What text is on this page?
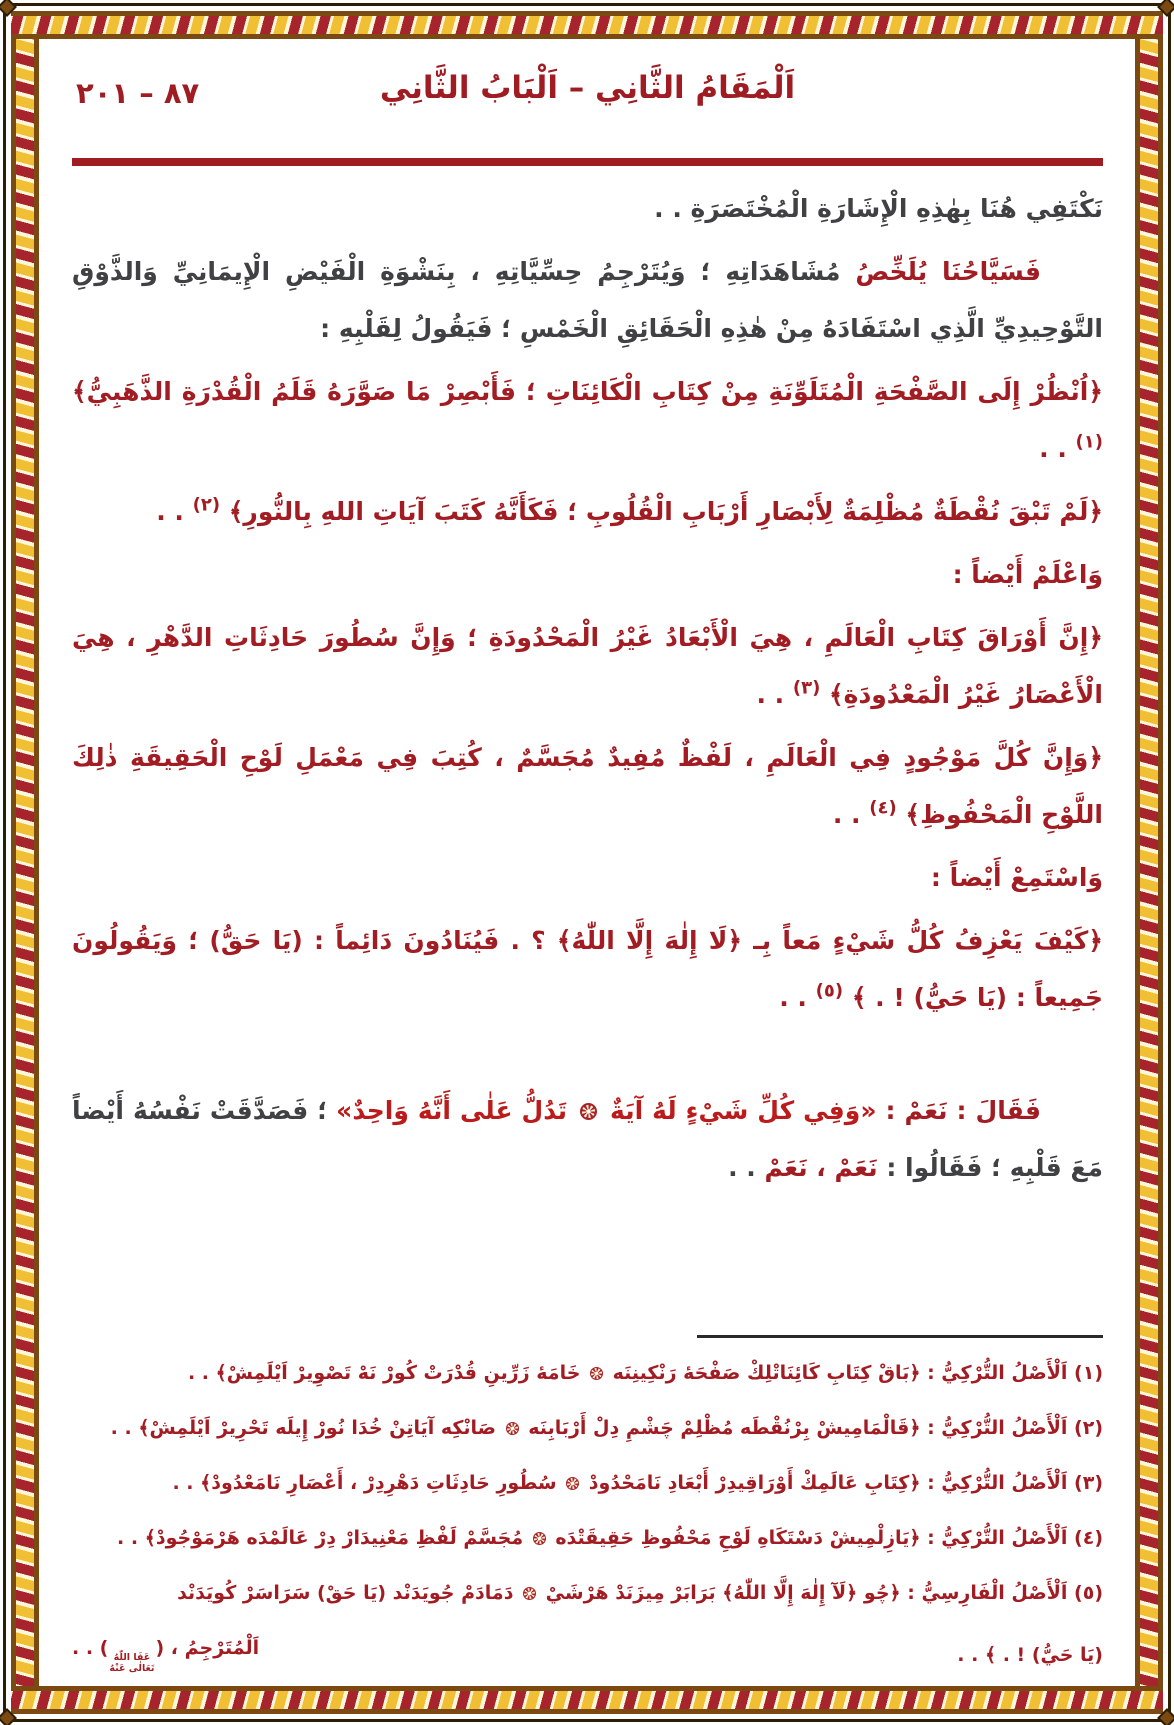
٨٧ – ٢٠١	اَلْمَقَامُ الثَّانِي – اَلْبَابُ الثَّانِي

نَكْتَفِي هُنَا بِهٰذِهِ الْإِشَارَةِ الْمُخْتَصَرَةِ . .

فَسَيَّاحُنَا يُلَخِّصُ مُشَاهَدَاتِهِ ؛ وَيُتَرْجِمُ حِسِّيَّاتِهِ ، بِنَشْوَةِ الْفَيْضِ الْإِيمَانِيِّ وَالذَّوْقِ التَّوْحِيدِيِّ الَّذِي اسْتَفَادَهُ مِنْ هٰذِهِ الْحَقَائِقِ الْخَمْسِ ؛ فَيَقُولُ لِقَلْبِهِ :

﴿اُنْظُرْ إِلَى الصَّفْحَةِ الْمُتَلَوِّنَةِ مِنْ كِتَابِ الْكَائِنَاتِ ؛ فَأَبْصِرْ مَا صَوَّرَهُ قَلَمُ الْقُدْرَةِ الذَّهَبِيُّ﴾ $^{(١)}$ . .

﴿لَمْ تَبْقَ نُقْطَةٌ مُظْلِمَةٌ لِأَبْصَارِ أَرْبَابِ الْقُلُوبِ ؛ فَكَأَنَّهُ كَتَبَ آيَاتِ اللهِ بِالنُّورِ﴾ $^{(٢)}$ . .

وَاعْلَمْ أَيْضاً :

﴿إِنَّ أَوْرَاقَ كِتَابِ الْعَالَمِ ، هِيَ الْأَبْعَادُ غَيْرُ الْمَحْدُودَةِ ؛ وَإِنَّ سُطُورَ حَادِثَاتِ الدَّهْرِ ، هِيَ الْأَعْصَارُ غَيْرُ الْمَعْدُودَةِ﴾ $^{(٣)}$ . .

﴿وَإِنَّ كُلَّ مَوْجُودٍ فِي الْعَالَمِ ، لَفْظٌ مُفِيدٌ مُجَسَّمٌ ، كُتِبَ فِي مَعْمَلِ لَوْحِ الْحَقِيقَةِ ذٰلِكَ اللَّوْحِ الْمَحْفُوظِ﴾ $^{(٤)}$ . .

وَاسْتَمِعْ أَيْضاً :

﴿كَيْفَ يَعْزِفُ كُلُّ شَيْءٍ مَعاً بِـ ﴿لَا إِلٰهَ إِلَّا اللّٰهُ﴾ ؟ . فَيُنَادُونَ دَائِماً : (يَا حَقُّ) ؛ وَيَقُولُونَ جَمِيعاً : (يَا حَيُّ) ! . ﴾ $^{(٥)}$ . .

فَقَالَ : نَعَمْ : «وَفِي كُلِّ شَيْءٍ لَهُ آيَةٌ  تَدُلُّ عَلٰى أَنَّهُ وَاحِدٌ» ؛ فَصَدَّقَتْ نَفْسُهُ أَيْضاً مَعَ قَلْبِهِ ؛ فَقَالُوا : نَعَمْ ، نَعَمْ . .

(١) اَلْأَصْلُ التُّرْكِيُّ : ﴿بَاقْ كِتَابِ كَائِنَاتْلِكْ صَفْحَهٔ رَنْكِينِنَه  خَامَهٔ زَرِّينِ قُدْرَتْ كُورْ نَهْ تَصْوِيرْ اَيْلَمِشْ﴾ . .

(٢) اَلْأَصْلُ التُّرْكِيُّ : ﴿قَالْمَامِيشْ بِرْنُقْطَه مُظْلِمْ چَشْمِ دِلْ أَرْبَابِنَه  صَانْكِه آيَاتِنْ خُدَا نُورْ إِيلَه تَحْرِيرْ اَيْلَمِشْ﴾ . .

(٣) اَلْأَصْلُ التُّرْكِيُّ : ﴿كِتَابِ عَالَمِكْ أَوْرَاقِيدِرْ أَبْعَادِ نَامَحْدُودْ  سُطُورِ حَادِثَاتِ دَهْرِدِرْ ، أَعْصَارِ نَامَعْدُودْ﴾ . .

(٤) اَلْأَصْلُ التُّرْكِيُّ : ﴿يَازِلْمِيشْ دَسْتَكَاهِ لَوْحِ مَحْفُوظِ حَقِيقَتْدَه  مُجَسَّمْ لَفْظِ مَعْنِيدَارْ دِرْ عَالَمْدَه هَرْمَوْجُودْ﴾ . .

(٥) اَلْأَصْلُ الْفَارِسِيُّ : ﴿چُو ﴿لَآ إِلٰهَ إِلَّا اللّٰهُ﴾ بَرَابَرْ مِيزَنَدْ هَرْشَيْ  دَمَادَمْ جُويَدَنْد (يَا حَقْ) سَرَاسَرْ كُويَدَنْد

(يَا حَيُّ) ! . ﴾ . .
اَلْمُتَرْجِمُ ، (
عَفَا اللّٰهُ
تَعَالٰى عَنْهُ
) . .
